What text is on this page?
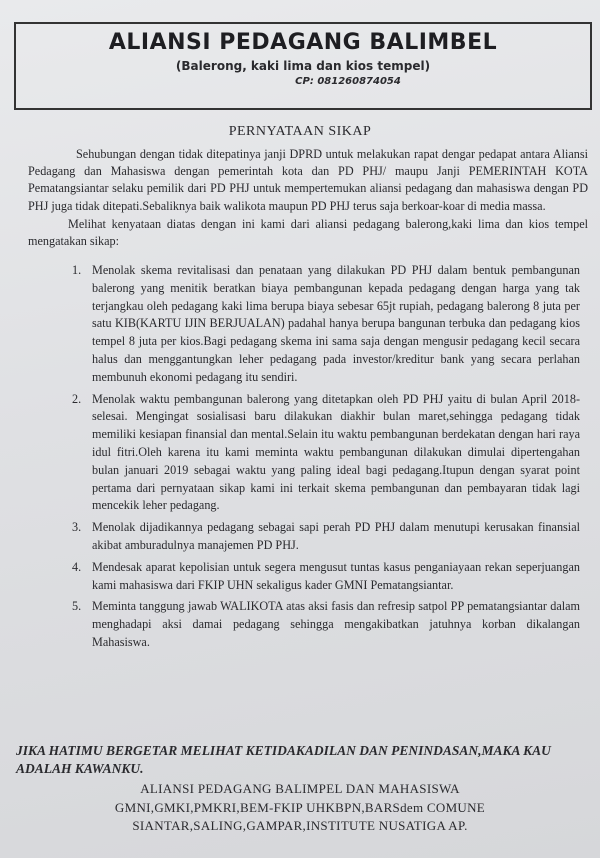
ALIANSI PEDAGANG BALIMBEL
(Balerong, kaki lima dan kios tempel)
CP: 081260874054
PERNYATAAN SIKAP

Sehubungan dengan tidak ditepatinya janji DPRD untuk melakukan rapat dengar pedapat antara Aliansi Pedagang dan Mahasiswa dengan pemerintah kota dan PD PHJ/ maupu Janji PEMERINTAH KOTA Pematangsiantar selaku pemilik dari PD PHJ untuk mempertemukan aliansi pedagang dan mahasiswa dengan PD PHJ juga tidak ditepati.Sebaliknya baik walikota maupun PD PHJ terus saja berkoar-koar di media massa.

Melihat kenyataan diatas dengan ini kami dari aliansi pedagang balerong,kaki lima dan kios tempel mengatakan sikap:

1. Menolak skema revitalisasi dan penataan yang dilakukan PD PHJ dalam bentuk pembangunan balerong yang menitik beratkan biaya pembangunan kepada pedagang dengan harga yang tak terjangkau oleh pedagang kaki lima berupa biaya sebesar 65jt rupiah, pedagang balerong 8 juta per satu KIB(KARTU IJIN BERJUALAN) padahal hanya berupa bangunan terbuka dan pedagang kios tempel 8 juta per kios.Bagi pedagang skema ini sama saja dengan mengusir pedagang kecil secara halus dan menggantungkan leher pedagang pada investor/kreditur bank yang secara perlahan membunuh ekonomi pedagang itu sendiri.
2. Menolak waktu pembangunan balerong yang ditetapkan oleh PD PHJ yaitu di bulan April 2018-selesai. Mengingat sosialisasi baru dilakukan diakhir bulan maret,sehingga pedagang tidak memiliki kesiapan finansial dan mental.Selain itu waktu pembangunan berdekatan dengan hari raya idul fitri.Oleh karena itu kami meminta waktu pembangunan dilakukan dimulai dipertengahan bulan januari 2019 sebagai waktu yang paling ideal bagi pedagang.Itupun dengan syarat point pertama dari pernyataan sikap kami ini terkait skema pembangunan dan pembayaran tidak lagi mencekik leher pedagang.
3. Menolak dijadikannya pedagang sebagai sapi perah PD PHJ dalam menutupi kerusakan finansial akibat amburadulnya manajemen PD PHJ.
4. Mendesak aparat kepolisian untuk segera mengusut tuntas kasus penganiayaan rekan seperjuangan kami mahasiswa dari FKIP UHN sekaligus kader GMNI Pematangsiantar.
5. Meminta tanggung jawab WALIKOTA atas aksi fasis dan refresip satpol PP pematangsiantar dalam menghadapi aksi damai pedagang sehingga mengakibatkan jatuhnya korban dikalangan Mahasiswa.
JIKA HATIMU BERGETAR MELIHAT KETIDAKADILAN DAN PENINDASAN,MAKA KAU ADALAH KAWANKU.
ALIANSI PEDAGANG BALIMPEL DAN MAHASISWA
GMNI,GMKI,PMKRI,BEM-FKIP UHKBPN,BARSdem COMUNE
SIANTAR,SALING,GAMPAR,INSTITUTE NUSATIGA AP.
